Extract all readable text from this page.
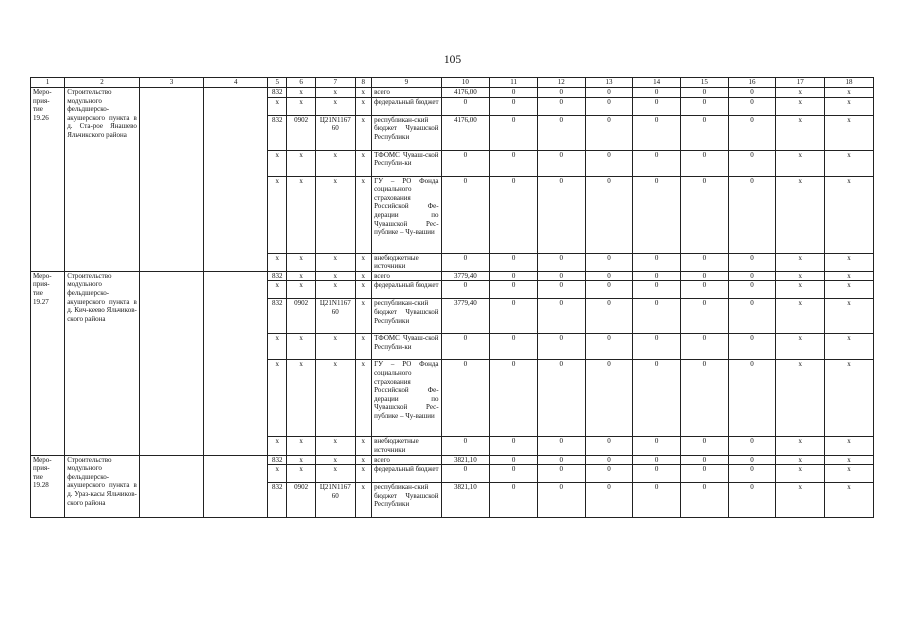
105
1	2	3	4	5	6	7	8	9	10	11	12	13	14	15	16	17	18
Меро-
прия-
тие
19.26	Строительство модульного фельдшерско-акушерского пункта в д. Ста-рое Янашево Яльчикского района			832	х	х	х	всего	4176,00	0	0	0	0	0	0	х	х
				х	х	х	х	федеральный бюджет	0	0	0	0	0	0	0	х	х
				832	0902	Ц21N1167 60	х	республикан-ский бюджет Чувашской Республики	4176,00	0	0	0	0	0	0	х	х
				х	х	х	х	ТФОМС Чуваш-ской Республи-ки	0	0	0	0	0	0	0	х	х
				х	х	х	х	ГУ – РО Фонда социального страхования Российской Фе-дерации по Чувашской Рес-публике – Чу-вашии	0	0	0	0	0	0	0	х	х
				х	х	х	х	внебюджетные источники	0	0	0	0	0	0	0	х	х
Меро-
прия-
тие
19.27	Строительство модульного фельдшерско-акушерского пункта в д. Кич-кеево Яльчиков-ского района			832	х	х	х	всего	3779,40	0	0	0	0	0	0	х	х
				х	х	х	х	федеральный бюджет	0	0	0	0	0	0	0	х	х
				832	0902	Ц21N1167 60	х	республикан-ский бюджет Чувашской Республики	3779,40	0	0	0	0	0	0	х	х
				х	х	х	х	ТФОМС Чуваш-ской Республи-ки	0	0	0	0	0	0	0	х	х
				х	х	х	х	ГУ – РО Фонда социального страхования Российской Фе-дерации по Чувашской Рес-публике – Чу-вашии	0	0	0	0	0	0	0	х	х
				х	х	х	х	внебюджетные источники	0	0	0	0	0	0	0	х	х
Меро-
прия-
тие
19.28	Строительство модульного фельдшерско-акушерского пункта в д. Ураз-касы Яльчиков-ского района			832	х	х	х	всего	3821,10	0	0	0	0	0	0	х	х
				х	х	х	х	федеральный бюджет	0	0	0	0	0	0	0	х	х
				832	0902	Ц21N1167 60	х	республикан-ский бюджет Чувашской Республики	3821,10	0	0	0	0	0	0	х	х
